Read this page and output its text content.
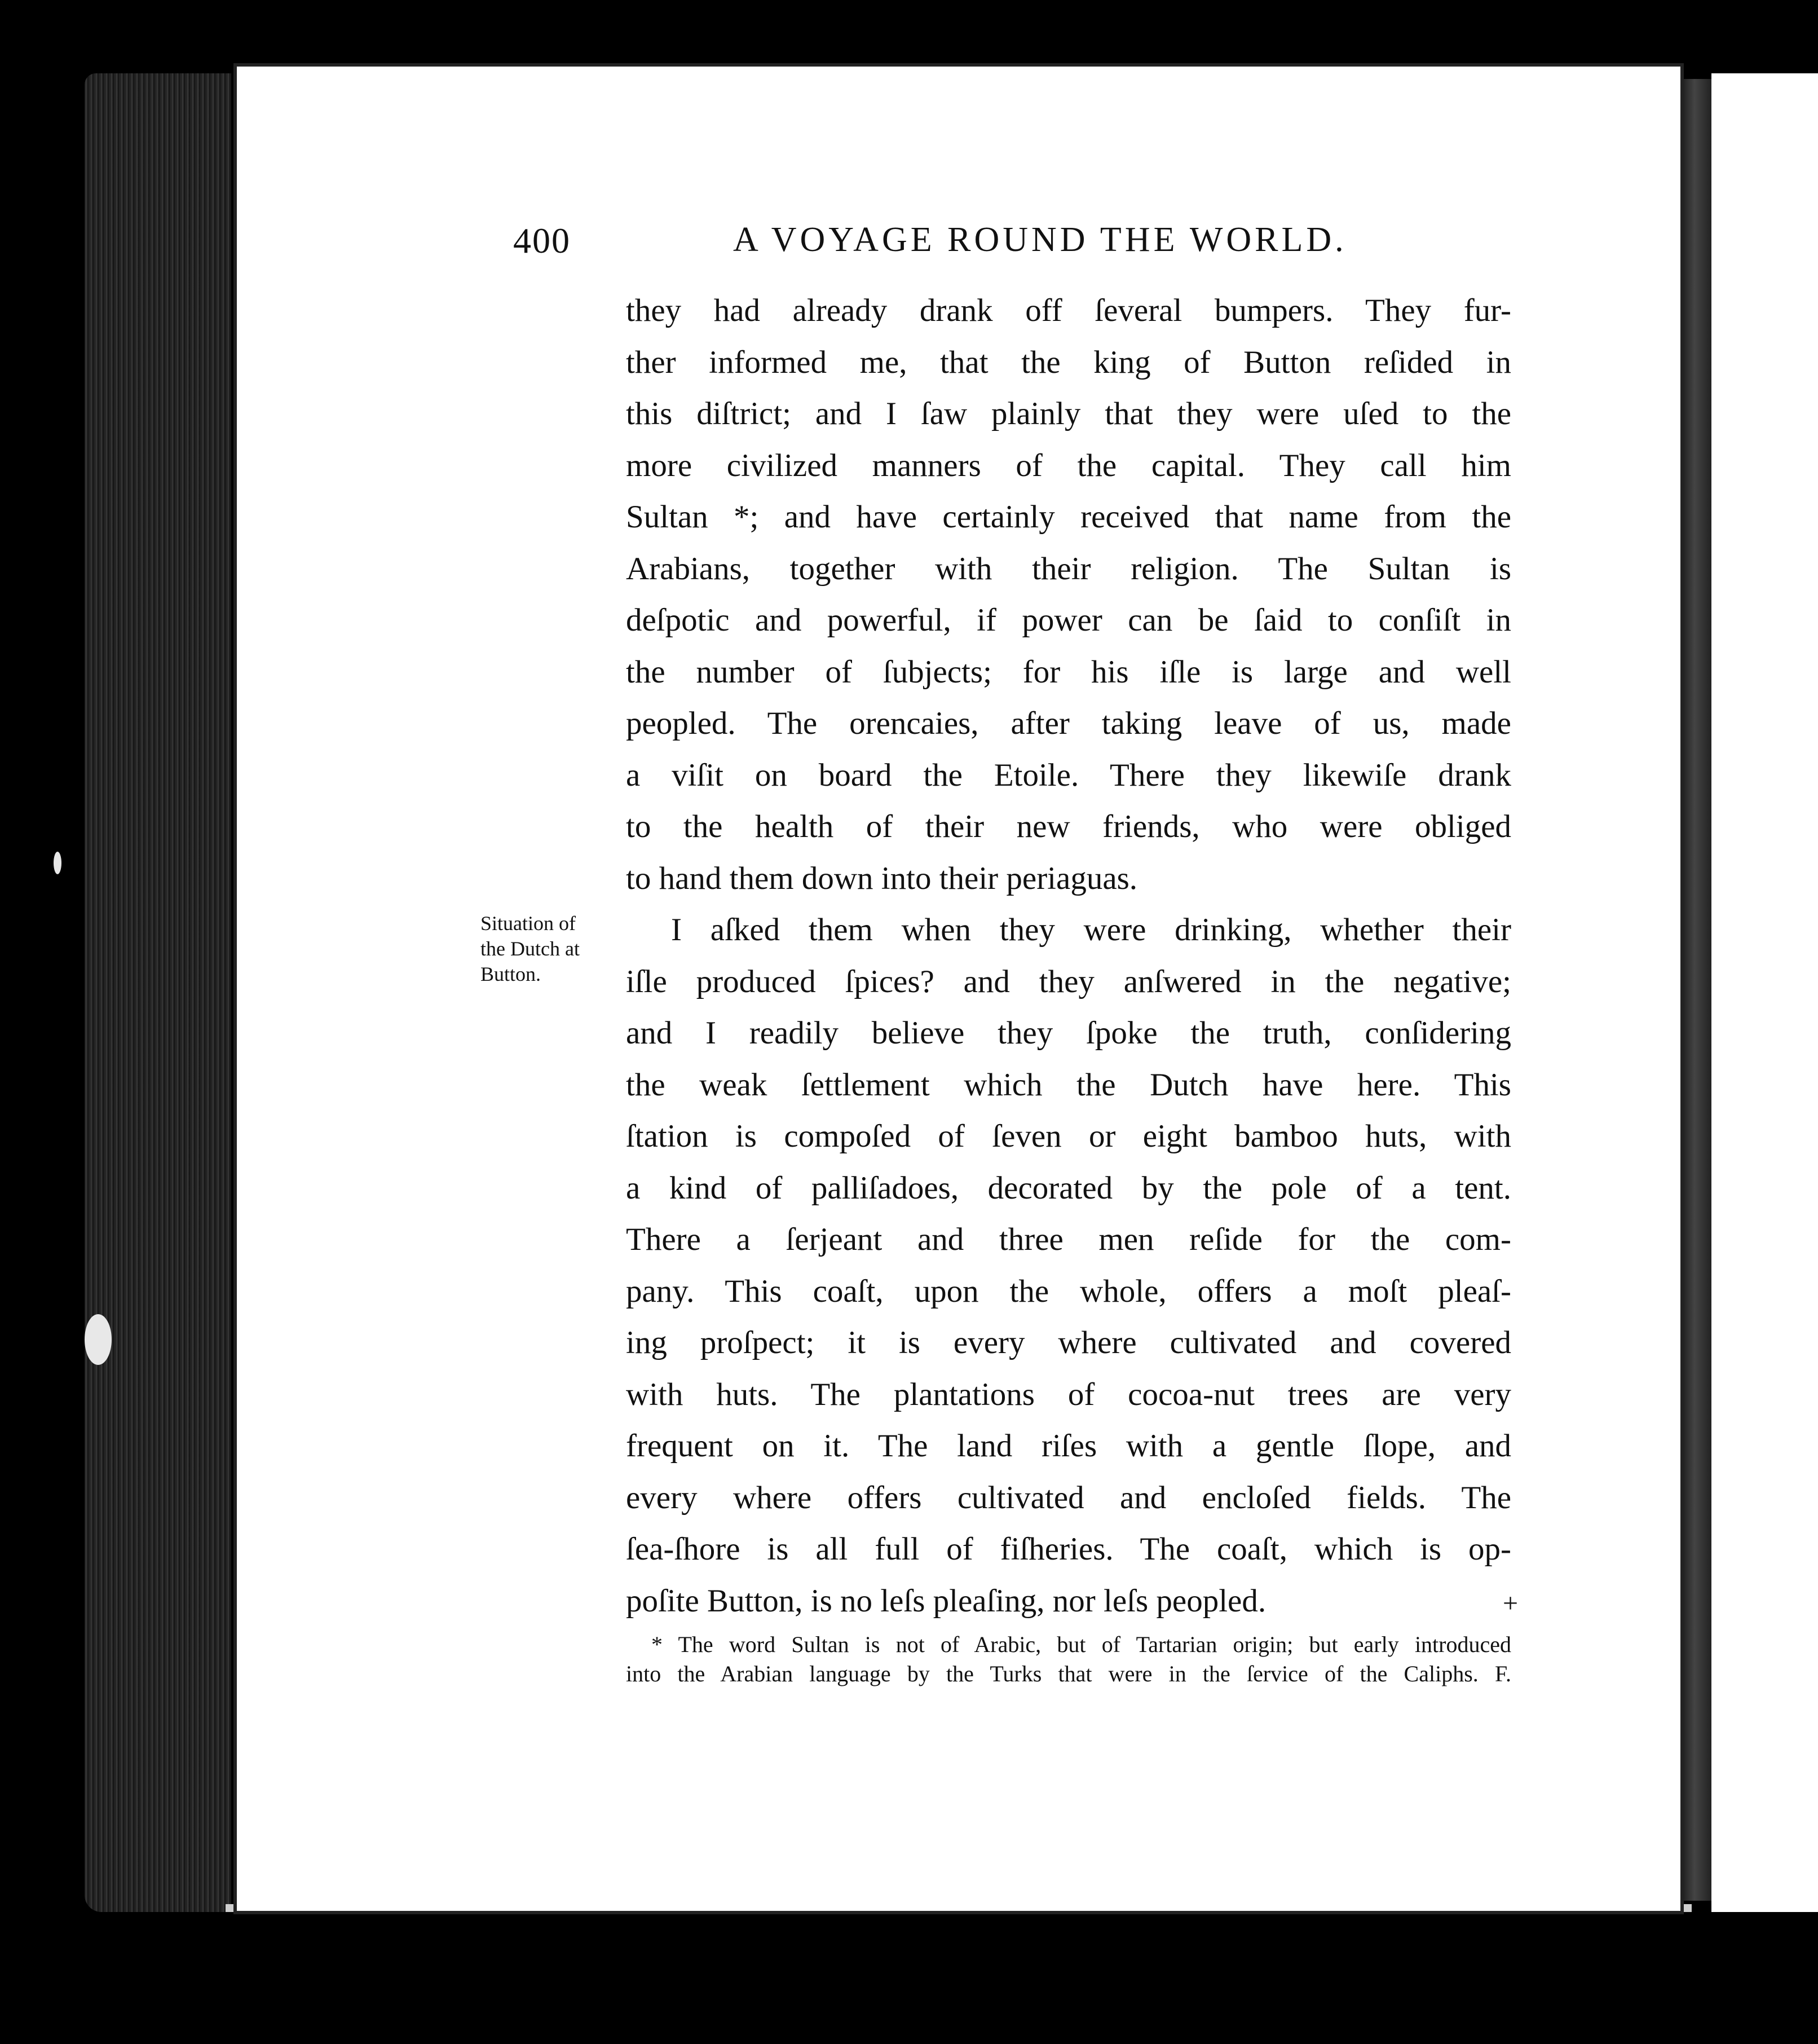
400	A VOYAGE ROUND THE WORLD.
they had already drank off ſeveral bumpers. They fur-
ther informed me, that the king of Button reſided in
this diſtrict; and I ſaw plainly that they were uſed to the
more civilized manners of the capital. They call him
Sultan *; and have certainly received that name from the
Arabians, together with their religion. The Sultan is
deſpotic and powerful, if power can be ſaid to conſiſt in
the number of ſubjects; for his iſle is large and well
peopled. The orencaies, after taking leave of us, made
a viſit on board the Etoile. There they likewiſe drank
to the health of their new friends, who were obliged
to hand them down into their periaguas.
I aſked them when they were drinking, whether their
iſle produced ſpices? and they anſwered in the negative;
and I readily believe they ſpoke the truth, conſidering
the weak ſettlement which the Dutch have here. This
ſtation is compoſed of ſeven or eight bamboo huts, with
a kind of palliſadoes, decorated by the pole of a tent.
There a ſerjeant and three men reſide for the com-
pany. This coaſt, upon the whole, offers a moſt pleaſ-
ing proſpect; it is every where cultivated and covered
with huts. The plantations of cocoa-nut trees are very
frequent on it. The land riſes with a gentle ſlope, and
every where offers cultivated and encloſed fields. The
ſea-ſhore is all full of fiſheries. The coaſt, which is op-
poſite Button, is no leſs pleaſing, nor leſs peopled.
Situation of
the Dutch at
Button.
+
* The word Sultan is not of Arabic, but of Tartarian origin; but early introduced
into the Arabian language by the Turks that were in the ſervice of the Caliphs. F.
